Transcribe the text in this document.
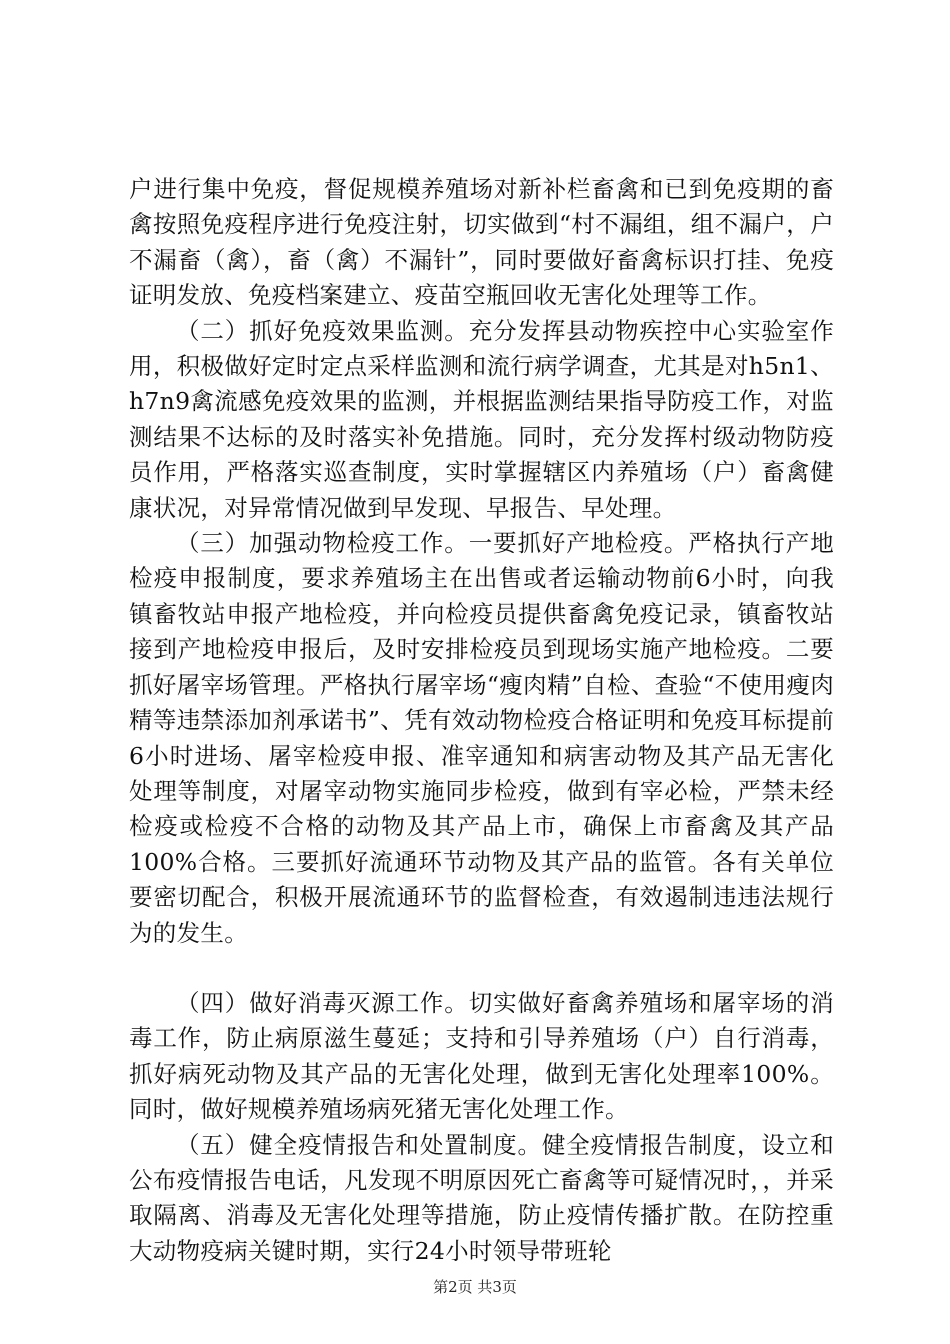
户进行集中免疫，督促规模养殖场对新补栏畜禽和已到免疫期的畜禽按照免疫程序进行免疫注射，切实做到“村不漏组，组不漏户，户不漏畜（禽），畜（禽）不漏针”，同时要做好畜禽标识打挂、免疫证明发放、免疫档案建立、疫苗空瓶回收无害化处理等工作。

（二）抓好免疫效果监测。充分发挥县动物疾控中心实验室作用，积极做好定时定点采样监测和流行病学调查，尤其是对h5n1、h7n9禽流感免疫效果的监测，并根据监测结果指导防疫工作，对监测结果不达标的及时落实补免措施。同时，充分发挥村级动物防疫员作用，严格落实巡查制度，实时掌握辖区内养殖场（户）畜禽健康状况，对异常情况做到早发现、早报告、早处理。

（三）加强动物检疫工作。一要抓好产地检疫。严格执行产地检疫申报制度，要求养殖场主在出售或者运输动物前6小时，向我镇畜牧站申报产地检疫，并向检疫员提供畜禽免疫记录，镇畜牧站接到产地检疫申报后，及时安排检疫员到现场实施产地检疫。二要抓好屠宰场管理。严格执行屠宰场“瘦肉精”自检、查验“不使用瘦肉精等违禁添加剂承诺书”、凭有效动物检疫合格证明和免疫耳标提前6小时进场、屠宰检疫申报、准宰通知和病害动物及其产品无害化处理等制度，对屠宰动物实施同步检疫，做到有宰必检，严禁未经检疫或检疫不合格的动物及其产品上市，确保上市畜禽及其产品100%合格。三要抓好流通环节动物及其产品的监管。各有关单位要密切配合，积极开展流通环节的监督检查，有效遏制违违法规行为的发生。

（四）做好消毒灭源工作。切实做好畜禽养殖场和屠宰场的消毒工作，防止病原滋生蔓延；支持和引导养殖场（户）自行消毒，抓好病死动物及其产品的无害化处理，做到无害化处理率100%。同时，做好规模养殖场病死猪无害化处理工作。

（五）健全疫情报告和处置制度。健全疫情报告制度，设立和公布疫情报告电话，凡发现不明原因死亡畜禽等可疑情况时，，并采取隔离、消毒及无害化处理等措施，防止疫情传播扩散。在防控重大动物疫病关键时期，实行24小时领导带班轮

第2页 共3页
